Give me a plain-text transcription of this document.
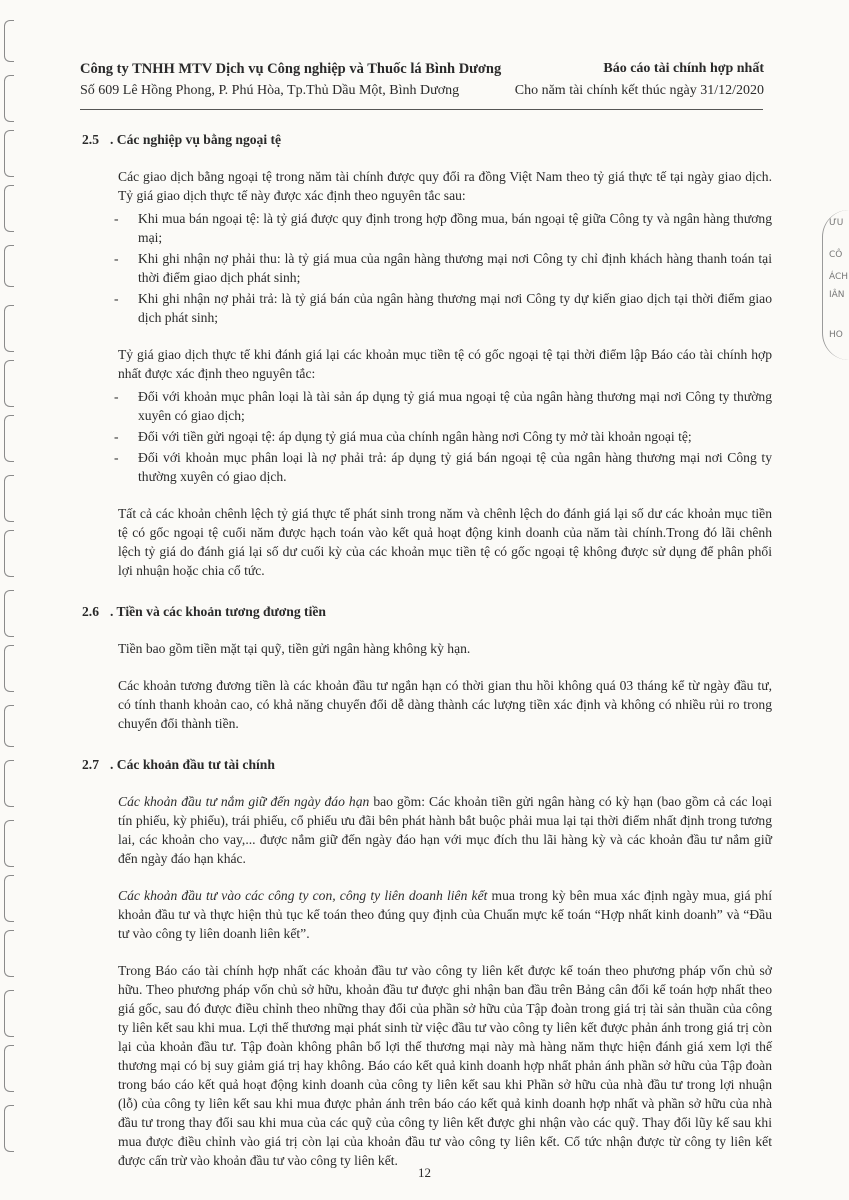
ƯU
CÔ
ÁCH
IÂN
HO
Công ty TNHH MTV Dịch vụ Công nghiệp và Thuốc lá Bình Dương
Số 609 Lê Hồng Phong, P. Phú Hòa, Tp.Thủ Dầu Một, Bình Dương
Báo cáo tài chính hợp nhất
Cho năm tài chính kết thúc ngày 31/12/2020
2.5 . Các nghiệp vụ bằng ngoại tệ

Các giao dịch bằng ngoại tệ trong năm tài chính được quy đổi ra đồng Việt Nam theo tỷ giá thực tế tại ngày giao dịch. Tỷ giá giao dịch thực tế này được xác định theo nguyên tắc sau:

- Khi mua bán ngoại tệ: là tỷ giá được quy định trong hợp đồng mua, bán ngoại tệ giữa Công ty và ngân hàng thương mại;
- Khi ghi nhận nợ phải thu: là tỷ giá mua của ngân hàng thương mại nơi Công ty chỉ định khách hàng thanh toán tại thời điểm giao dịch phát sinh;
- Khi ghi nhận nợ phải trả: là tỷ giá bán của ngân hàng thương mại nơi Công ty dự kiến giao dịch tại thời điểm giao dịch phát sinh;

Tỷ giá giao dịch thực tế khi đánh giá lại các khoản mục tiền tệ có gốc ngoại tệ tại thời điểm lập Báo cáo tài chính hợp nhất được xác định theo nguyên tắc:

- Đối với khoản mục phân loại là tài sản áp dụng tỷ giá mua ngoại tệ của ngân hàng thương mại nơi Công ty thường xuyên có giao dịch;
- Đối với tiền gửi ngoại tệ: áp dụng tỷ giá mua của chính ngân hàng nơi Công ty mở tài khoản ngoại tệ;
- Đối với khoản mục phân loại là nợ phải trả: áp dụng tỷ giá bán ngoại tệ của ngân hàng thương mại nơi Công ty thường xuyên có giao dịch.

Tất cả các khoản chênh lệch tỷ giá thực tế phát sinh trong năm và chênh lệch do đánh giá lại số dư các khoản mục tiền tệ có gốc ngoại tệ cuối năm được hạch toán vào kết quả hoạt động kinh doanh của năm tài chính.Trong đó lãi chênh lệch tỷ giá do đánh giá lại số dư cuối kỳ của các khoản mục tiền tệ có gốc ngoại tệ không được sử dụng để phân phối lợi nhuận hoặc chia cổ tức.

2.6 . Tiền và các khoản tương đương tiền

Tiền bao gồm tiền mặt tại quỹ, tiền gửi ngân hàng không kỳ hạn.

Các khoản tương đương tiền là các khoản đầu tư ngắn hạn có thời gian thu hồi không quá 03 tháng kể từ ngày đầu tư, có tính thanh khoản cao, có khả năng chuyển đổi dễ dàng thành các lượng tiền xác định và không có nhiều rủi ro trong chuyển đổi thành tiền.

2.7 . Các khoản đầu tư tài chính

Các khoản đầu tư nắm giữ đến ngày đáo hạn bao gồm: Các khoản tiền gửi ngân hàng có kỳ hạn (bao gồm cả các loại tín phiếu, kỳ phiếu), trái phiếu, cổ phiếu ưu đãi bên phát hành bắt buộc phải mua lại tại thời điểm nhất định trong tương lai, các khoản cho vay,... được nắm giữ đến ngày đáo hạn với mục đích thu lãi hàng kỳ và các khoản đầu tư nắm giữ đến ngày đáo hạn khác.

Các khoản đầu tư vào các công ty con, công ty liên doanh liên kết mua trong kỳ bên mua xác định ngày mua, giá phí khoản đầu tư và thực hiện thủ tục kế toán theo đúng quy định của Chuẩn mực kế toán “Hợp nhất kinh doanh” và “Đầu tư vào công ty liên doanh liên kết”.

Trong Báo cáo tài chính hợp nhất các khoản đầu tư vào công ty liên kết được kế toán theo phương pháp vốn chủ sở hữu. Theo phương pháp vốn chủ sở hữu, khoản đầu tư được ghi nhận ban đầu trên Bảng cân đối kế toán hợp nhất theo giá gốc, sau đó được điều chỉnh theo những thay đổi của phần sở hữu của Tập đoàn trong giá trị tài sản thuần của công ty liên kết sau khi mua. Lợi thế thương mại phát sinh từ việc đầu tư vào công ty liên kết được phản ánh trong giá trị còn lại của khoản đầu tư. Tập đoàn không phân bổ lợi thế thương mại này mà hàng năm thực hiện đánh giá xem lợi thế thương mại có bị suy giảm giá trị hay không. Báo cáo kết quả kinh doanh hợp nhất phản ánh phần sở hữu của Tập đoàn trong báo cáo kết quả hoạt động kinh doanh của công ty liên kết sau khi Phần sở hữu của nhà đầu tư trong lợi nhuận (lỗ) của công ty liên kết sau khi mua được phản ánh trên báo cáo kết quả kinh doanh hợp nhất và phần sở hữu của nhà đầu tư trong thay đổi sau khi mua của các quỹ của công ty liên kết được ghi nhận vào các quỹ. Thay đổi lũy kế sau khi mua được điều chỉnh vào giá trị còn lại của khoản đầu tư vào công ty liên kết. Cổ tức nhận được từ công ty liên kết được cấn trừ vào khoản đầu tư vào công ty liên kết.

12
